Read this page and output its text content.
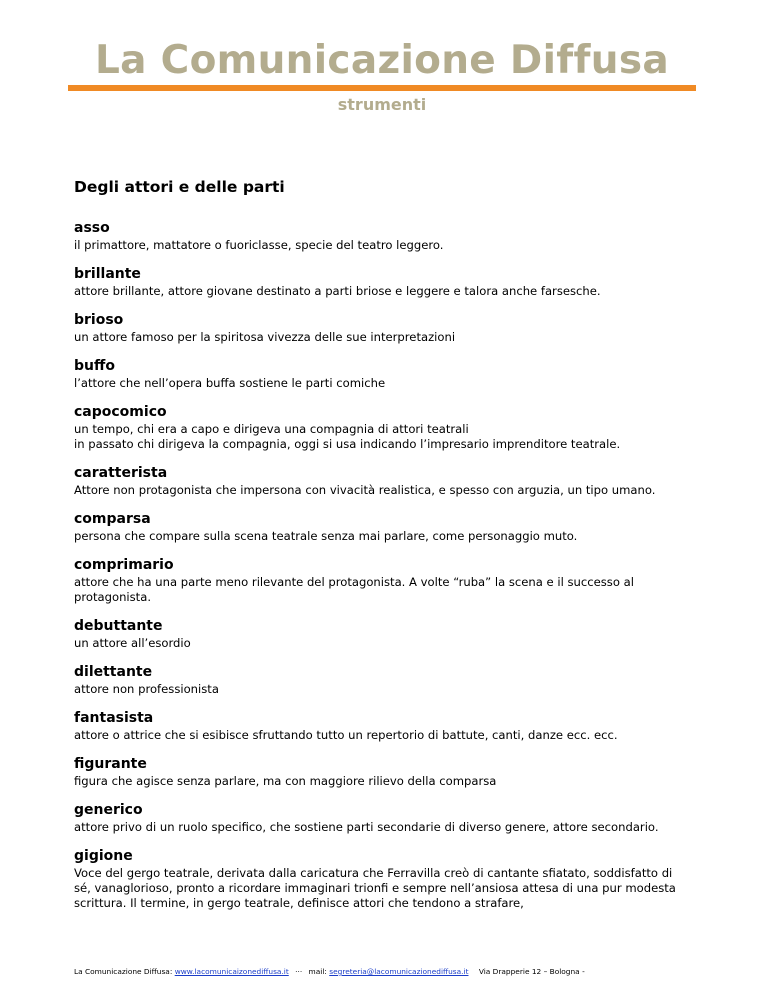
La Comunicazione Diffusa
strumenti
Degli attori e delle parti
asso
il primattore, mattatore o fuoriclasse, specie del teatro leggero.
brillante
attore brillante, attore giovane destinato a parti briose e leggere e talora anche farsesche.
brioso
un attore famoso per la spiritosa vivezza delle sue interpretazioni
buffo
l’attore che nell’opera buffa sostiene le parti comiche
capocomico
un tempo, chi era a capo e dirigeva una compagnia di attori teatrali
in passato chi dirigeva la compagnia, oggi si usa indicando l’impresario imprenditore teatrale.
caratterista
Attore non protagonista che impersona con vivacità realistica, e spesso con arguzia, un tipo umano.
comparsa
persona che compare sulla scena teatrale senza mai parlare, come personaggio muto.
comprimario
attore che ha una parte meno rilevante del protagonista. A volte “ruba” la scena e il successo al
protagonista.
debuttante
un attore all’esordio
dilettante
attore non professionista
fantasista
attore o attrice che si esibisce sfruttando tutto un repertorio di battute, canti, danze ecc. ecc.
figurante
figura che agisce senza parlare, ma con maggiore rilievo della comparsa
generico
attore privo di un ruolo specifico, che sostiene parti secondarie di diverso genere, attore secondario.
gigione
Voce del gergo teatrale, derivata dalla caricatura che Ferravilla creò di cantante sfiatato, soddisfatto di
sé, vanaglorioso, pronto a ricordare immaginari trionfi e sempre nell’ansiosa attesa di una pur modesta
scrittura. Il termine, in gergo teatrale, definisce attori che tendono a strafare,
La Comunicazione Diffusa: www.lacomunicaizonediffusa.it ··· mail: segreteria@lacomunicazionediffusa.it Via Drapperie 12 – Bologna -
